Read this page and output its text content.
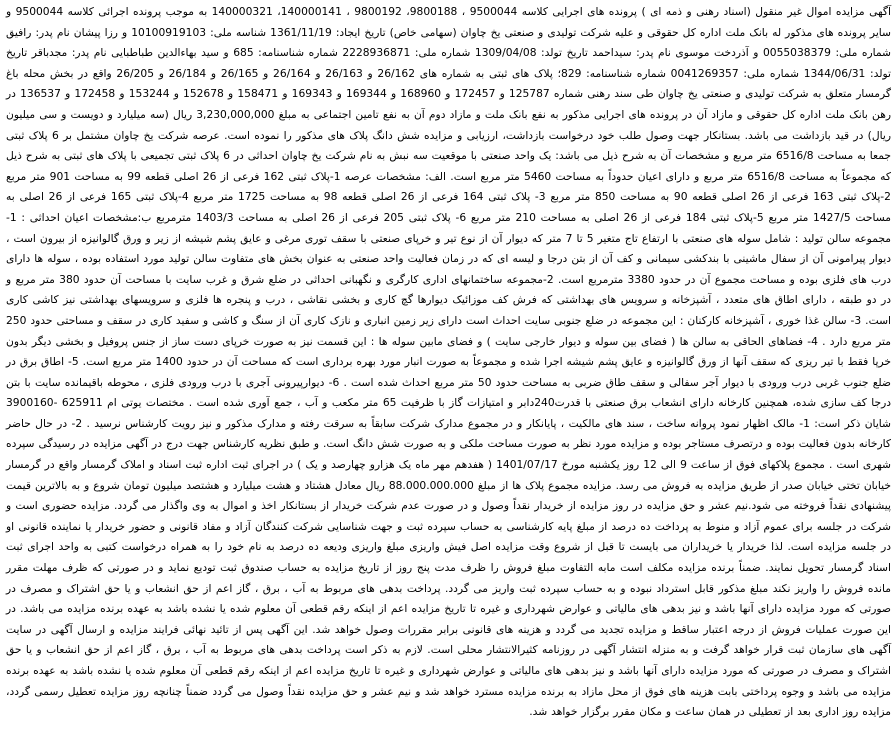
آگهی مزایده اموال غیر منقول (اسناد رهنی و ذمه ای ) پرونده های اجرایی کلاسه 9500044 ، 9800188، 9800192 ، 140000141، 140000321 به موجب پرونده اجرائی کلاسه 9500044 و سایر پرونده های مذکور له بانک ملت اداره کل حقوقی و علیه شرکت تولیدی و صنعتی یخ چاوان (سهامی خاص) تاریخ ایجاد: 1361/11/19 شناسه ملی: 10100919103 و رزا پیشان نام پدر: رافیق شماره ملی: 0055038379 و آذردخت موسوی نام پدر: سیداحمد تاریخ تولد: 1309/04/08 شماره ملی: 2228936871 شماره شناسنامه: 685 و سید بهاءالدین طباطبایی نام پدر: مجدباقر تاریخ تولد: 1344/06/31 شماره ملی: 0041269357 شماره شناسنامه: 829؛ پلاک های ثبتی به شماره های 26/162 و 26/163 و 26/164 و 26/165 و 26/184 و 26/205 واقع در بخش محله باغ گرمسار متعلق به شرکت تولیدی و صنعتی یخ چاوان طی سند رهنی شماره 125787 و 172457 و 168960 و 169344 و 169343 و 158471 و 152678 و 153244 و 172458 و 136537 در رهن بانک ملت اداره کل حقوقی و مازاد آن در پرونده های اجرایی مذکور به نفع بانک ملت و مازاد دوم آن به نفع تامین اجتماعی به مبلغ 3,230,000,000 ریال (سه میلیارد و دویست و سی میلیون ریال) در قید بازداشت می باشد. بستانکار جهت وصول طلب خود درخواست بازداشت، ارزیابی و مزایده شش دانگ پلاک های مذکور را نموده است. عرصه شرکت یخ چاوان مشتمل بر 6 پلاک ثبتی جمعا به مساحت 6516/8 متر مربع و مشخصات آن به شرح ذیل می باشد: یک واحد صنعتی با موقعیت سه نبش به نام شرکت یخ چاوان احداثی در 6 پلاک ثبتی تجمیعی با پلاک های ثبتی به شرح ذیل که مجموعاً به مساحت 6516/8 متر مربع و دارای اعیان حدوداً به مساحت 5460 متر مربع است. الف: مشخصات عرصه 1-پلاک ثبتی 162 فرعی از 26 اصلی قطعه 99 به مساحت 901 متر مربع 2-پلاک ثبتی 163 فرعی از 26 اصلی قطعه 90 به مساحت 850 متر مربع 3- پلاک ثبتی 164 فرعی از 26 اصلی قطعه 98 به مساحت 1725 متر مربع 4-پلاک ثبتی 165 فرعی از 26 اصلی به مساحت 1427/5 متر مربع 5-پلاک ثبتی 184 فرعی از 26 اصلی به مساحت 210 متر مربع 6- پلاک ثبتی 205 فرعی از 26 اصلی به مساحت 1403/3 مترمربع ب:مشخصات اعیان احداثی : 1- مجموعه سالن تولید : شامل سوله های صنعتی با ارتفاع تاج متغیر 5 تا 7 متر که دیوار آن از نوع تیر و خرپای صنعتی با سقف توری مرغی و عایق پشم شیشه از زیر و ورق گالوانیزه از بیرون است ، دیوار پیرامونی آن از سفال ماشینی با بندکشی سیمانی و کف آن از بتن درجا و لیسه ای که در زمان فعالیت واحد صنعتی به عنوان بخش های متفاوت سالن تولید مورد استفاده بوده ، سوله ها دارای درب های فلزی بوده و مساحت مجموع آن در حدود 3380 مترمربع است. 2-مجموعه ساختمانهای اداری کارگری و نگهبانی احداثی در ضلع شرق و غرب سایت با مساحت آن حدود 380 متر مربع و در دو طبقه ، دارای اطاق های متعدد ، آشپزخانه و سرویس های بهداشتی که فرش کف موزائیک دیوارها گچ کاری و بخشی نقاشی ، درب و پنجره ها فلزی و سرویسهای بهداشتی نیز کاشی کاری است. 3- سالن غذا خوری ، آشپزخانه کارکنان : این مجموعه در ضلع جنوبی سایت احداث است دارای زیر زمین انباری و نازک کاری آن از سنگ و کاشی و سفید کاری در سقف و مساحتی حدود 250 متر مربع دارد . 4- فضاهای الحاقی به سالن ها ( فضای بین سوله و دیوار خارجی سایت ) و فضای مابین سوله ها : این قسمت نیز به صورت خرپای دست ساز از جنس پروفیل و بخشی دیگر بدون خرپا فقط با تیر ریزی که سقف آنها از ورق گالوانیزه و عایق پشم شیشه اجرا شده و مجموعاً به صورت انبار مورد بهره برداری است که مساحت آن در حدود 1400 متر مربع است. 5- اطاق برق در ضلع جنوب غربی درب ورودی با دیوار آجر سفالی و سقف طاق ضربی به مساحت حدود 50 متر مربع احداث شده است . 6- دیوارپیرونی آجری با درب ورودی فلزی ، محوطه باقیمانده سایت با بتن درجا کف سازی شده، همچنین کارخانه دارای انشعاب برق صنعتی با قدرت240دابر و امتیازات گاز با ظرفیت 65 متر مکعب و آب ، جمع آوری شده است . مختصات یوتی ام 625911 -3900160 شایان ذکر است: 1- مالک اظهار نمود پروانه ساخت ، سند های مالکیت ، پایانکار و در مجموع مدارک شرکت سابقاً به سرقت رفته و مدارک مذکور و نیز رویت کارشناس نرسید . 2- در حال حاضر کارخانه بدون فعالیت بوده و درتصرف مستاجر بوده و مزایده مورد نظر به صورت مساحت ملکی و به صورت شش دانگ است. و طبق نظریه کارشناس جهت درج در آگهی مزایده در رسیدگی سپرده شهری است . مجموع پلاکهای فوق از ساعت 9 الی 12 روز یکشنبه مورخ 1401/07/17 ( هفدهم مهر ماه یک هزارو چهارصد و یک ) در اجرای ثبت اداره ثبت اسناد و املاک گرمسار واقع در گرمسار خیابان تختی خیابان صدر از طریق مزایده به فروش می رسد. مزایده مجموع پلاک ها از مبلغ 88.000.000.000 ریال معادل هشتاد و هشت میلیارد و هشتصد میلیون تومان شروع و به بالاترین قیمت پیشنهادی نقداً فروخته می شود.نیم عشر و حق مزایده در روز مزایده از خریدار نقداً وصول و در صورت عدم شرکت خریدار از بستانکار اخذ و اموال به وی واگذار می گردد. مزایده حضوری است و شرکت در جلسه برای عموم آزاد و منوط به پرداخت ده درصد از مبلغ پایه کارشناسی به حساب سپرده ثبت و جهت شناسایی شرکت کنندگان آزاد و مفاد قانونی و حضور خریدار یا نماینده قانونی او در جلسه مزایده است. لذا خریدار یا خریداران می بایست تا قبل از شروع وقت مزایده اصل فیش واریزی مبلغ واریزی ودیعه ده درصد به نام خود را به همراه درخواست کتبی به واحد اجرای ثبت اسناد گرمسار تحویل نمایند. ضمناً برنده مزایده مکلف است مابه التفاوت مبلغ فروش را ظرف مدت پنج روز از تاریخ مزایده به حساب صندوق ثبت تودیع نماید و در صورتی که ظرف مهلت مقرر مانده فروش را واریز نکند مبلغ مذکور قابل استرداد نبوده و به حساب سپرده ثبت واریز می گردد. پرداخت بدهی های مربوط به آب ، برق ، گاز اعم از حق انشعاب و یا حق اشتراک و مصرف در صورتی که مورد مزایده دارای آنها باشد و نیز بدهی های مالیاتی و عوارض شهرداری و غیره تا تاریخ مزایده اعم از اینکه رقم قطعی آن معلوم شده یا نشده باشد به عهده برنده مزایده می باشد. در این صورت عملیات فروش از درجه اعتبار ساقط و مزایده تجدید می گردد و هزینه های قانونی برابر مقررات وصول خواهد شد. این آگهی پس از تائید نهائی فرایند مزایده و ارسال آگهی در سایت آگهی های سازمان ثبت قرار خواهد گرفت و به منزله انتشار آگهی در روزنامه کثیرالانتشار محلی است. لازم به ذکر است پرداخت بدهی های مربوط به آب ، برق ، گاز اعم از حق انشعاب و یا حق اشتراک و مصرف در صورتی که مورد مزایده دارای آنها باشد و نیز بدهی های مالیاتی و عوارض شهرداری و غیره تا تاریخ مزایده اعم از اینکه رقم قطعی آن معلوم شده یا نشده باشد به عهده برنده مزایده می باشد و وجوه پرداختی بابت هزینه های فوق از محل مازاد به برنده مزایده مسترد خواهد شد و نیم عشر و حق مزایده نقداً وصول می گردد ضمناً چنانچه روز مزایده تعطیل رسمی گردد، مزایده روز اداری بعد از تعطیلی در همان ساعت و مکان مقرر برگزار خواهد شد.
